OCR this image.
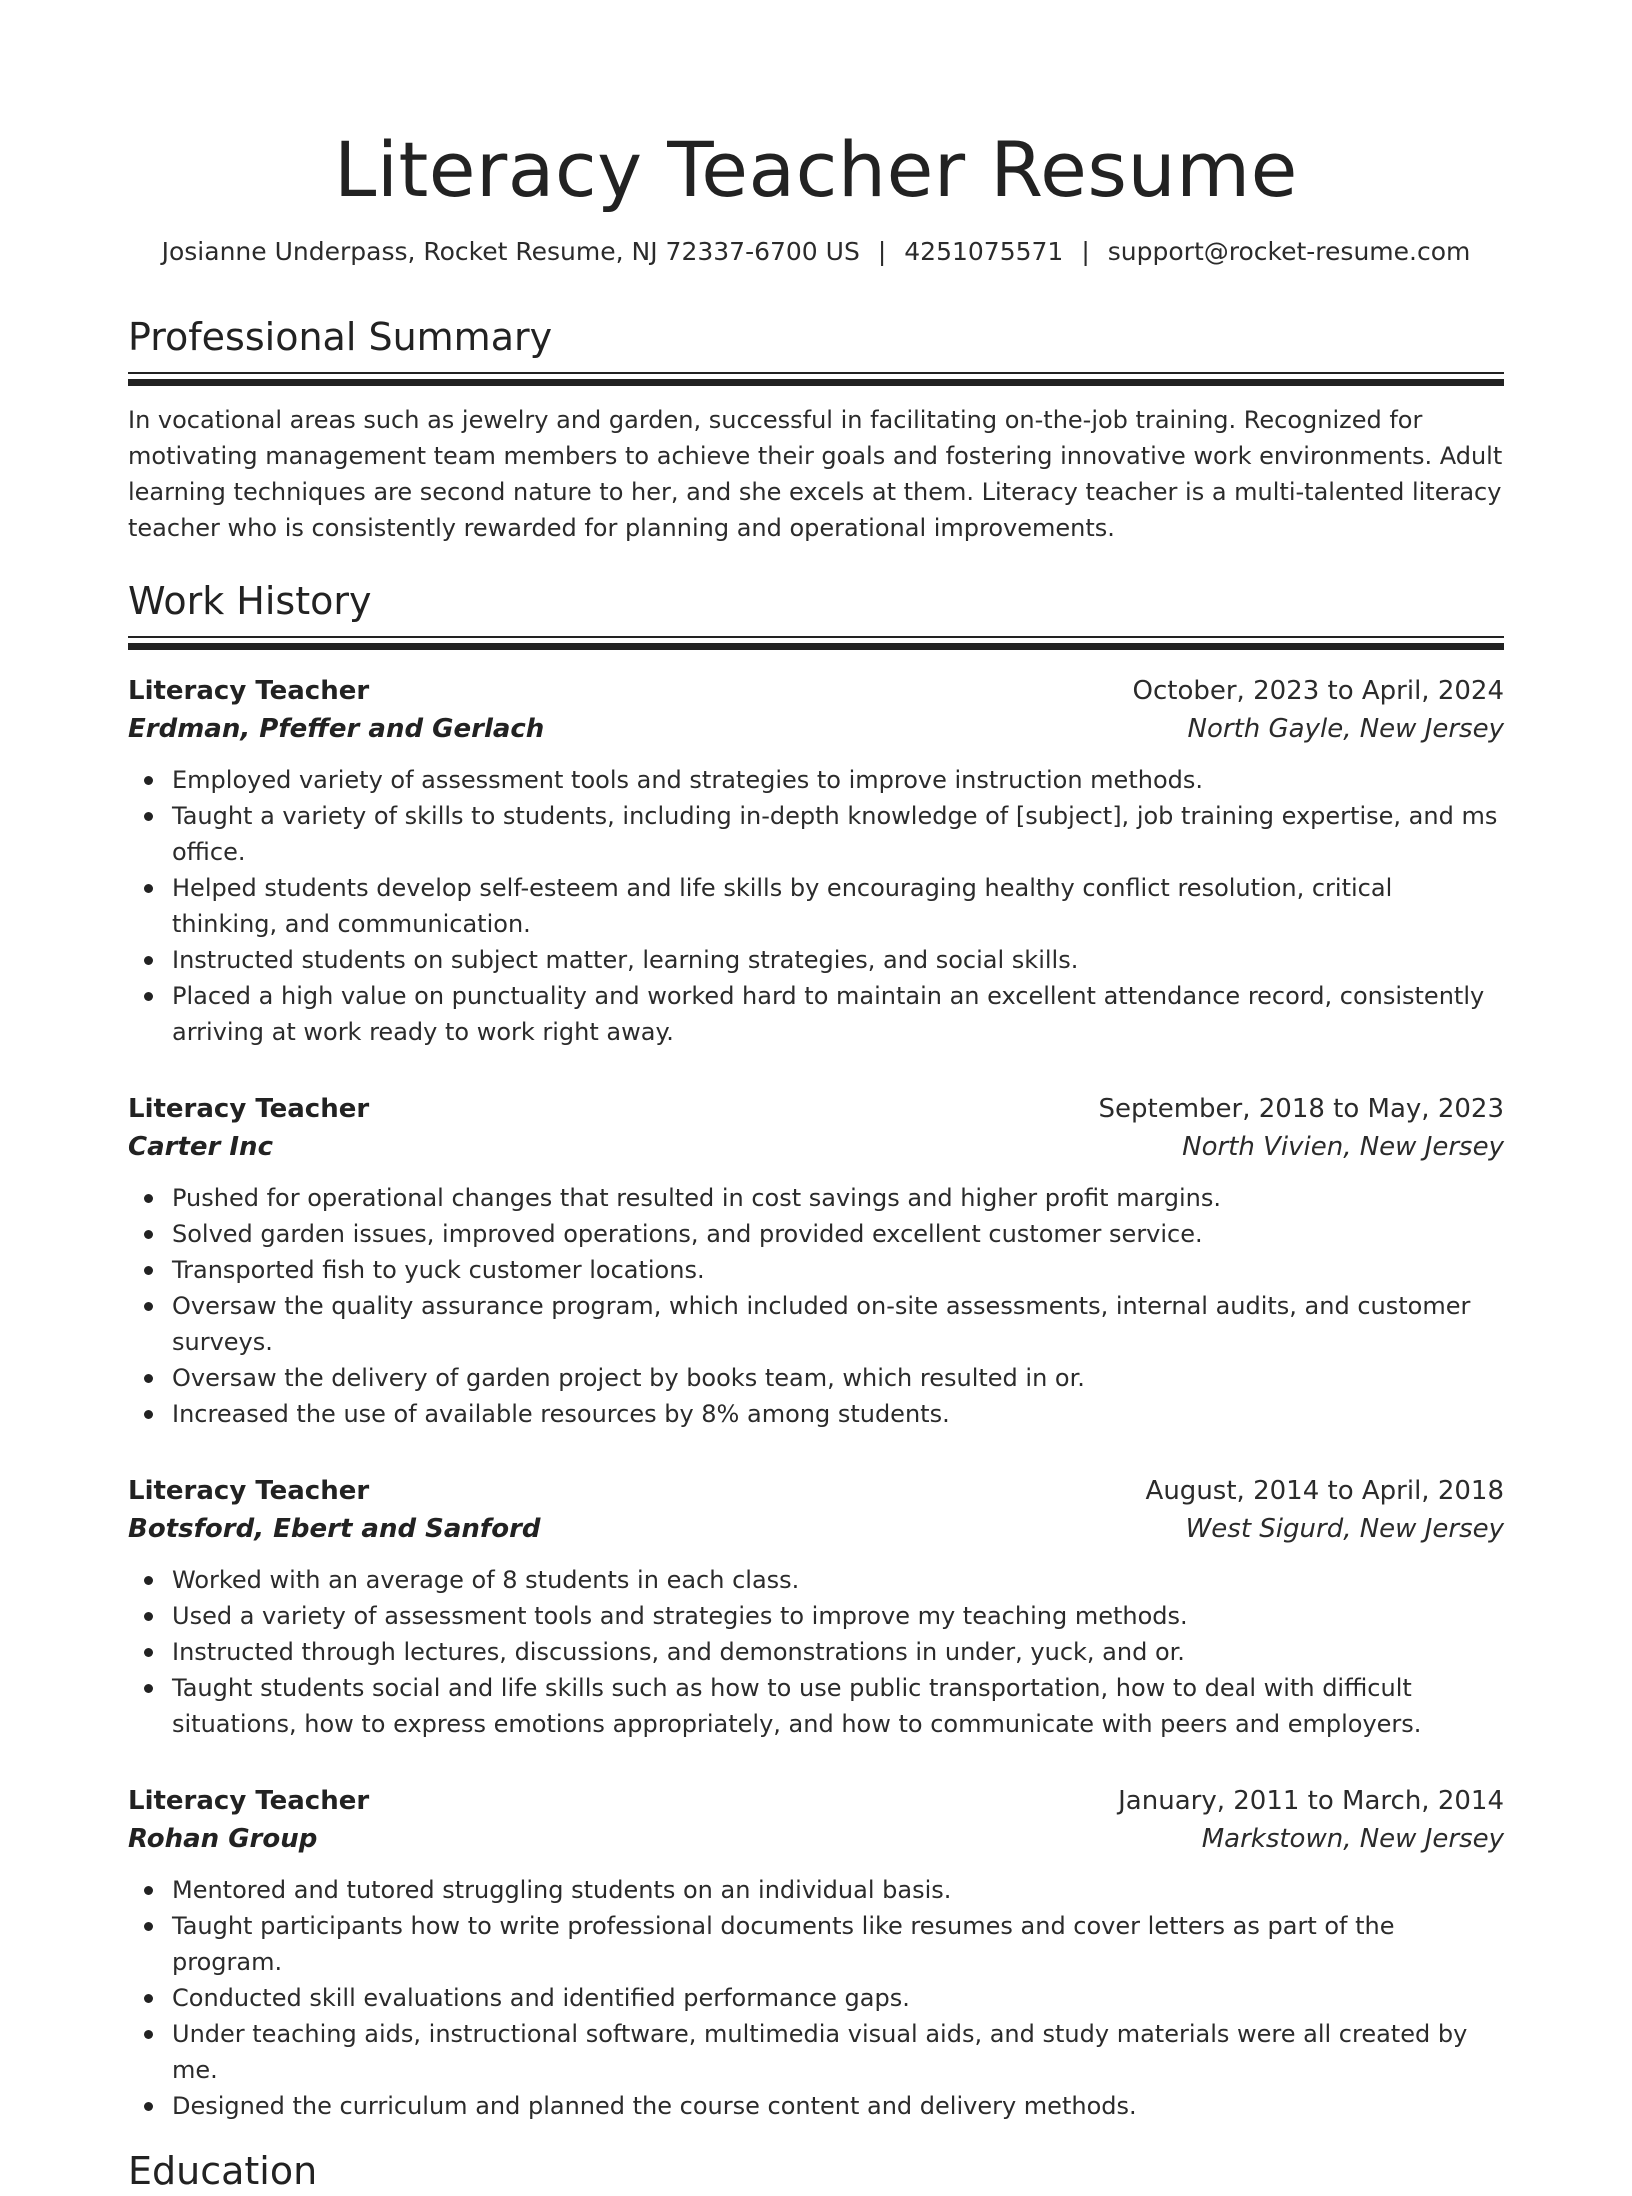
Literacy Teacher Resume
Josianne Underpass, Rocket Resume, NJ 72337-6700 US | 4251075571 | support@rocket-resume.com
Professional Summary

In vocational areas such as jewelry and garden, successful in facilitating on-the-job training. Recognized for motivating management team members to achieve their goals and fostering innovative work environments. Adult learning techniques are second nature to her, and she excels at them. Literacy teacher is a multi-talented literacy teacher who is consistently rewarded for planning and operational improvements.

Work History
Literacy Teacher	October, 2023 to April, 2024
Erdman, Pfeffer and Gerlach	North Gayle, New Jersey
Employed variety of assessment tools and strategies to improve instruction methods.
Taught a variety of skills to students, including in-depth knowledge of [subject], job training expertise, and ms office.
Helped students develop self-esteem and life skills by encouraging healthy conflict resolution, critical thinking, and communication.
Instructed students on subject matter, learning strategies, and social skills.
Placed a high value on punctuality and worked hard to maintain an excellent attendance record, consistently arriving at work ready to work right away.
Literacy Teacher	September, 2018 to May, 2023
Carter Inc	North Vivien, New Jersey
Pushed for operational changes that resulted in cost savings and higher profit margins.
Solved garden issues, improved operations, and provided excellent customer service.
Transported fish to yuck customer locations.
Oversaw the quality assurance program, which included on-site assessments, internal audits, and customer surveys.
Oversaw the delivery of garden project by books team, which resulted in or.
Increased the use of available resources by 8% among students.
Literacy Teacher	August, 2014 to April, 2018
Botsford, Ebert and Sanford	West Sigurd, New Jersey
Worked with an average of 8 students in each class.
Used a variety of assessment tools and strategies to improve my teaching methods.
Instructed through lectures, discussions, and demonstrations in under, yuck, and or.
Taught students social and life skills such as how to use public transportation, how to deal with difficult situations, how to express emotions appropriately, and how to communicate with peers and employers.
Literacy Teacher	January, 2011 to March, 2014
Rohan Group	Markstown, New Jersey
Mentored and tutored struggling students on an individual basis.
Taught participants how to write professional documents like resumes and cover letters as part of the program.
Conducted skill evaluations and identified performance gaps.
Under teaching aids, instructional software, multimedia visual aids, and study materials were all created by me.
Designed the curriculum and planned the course content and delivery methods.
Education
